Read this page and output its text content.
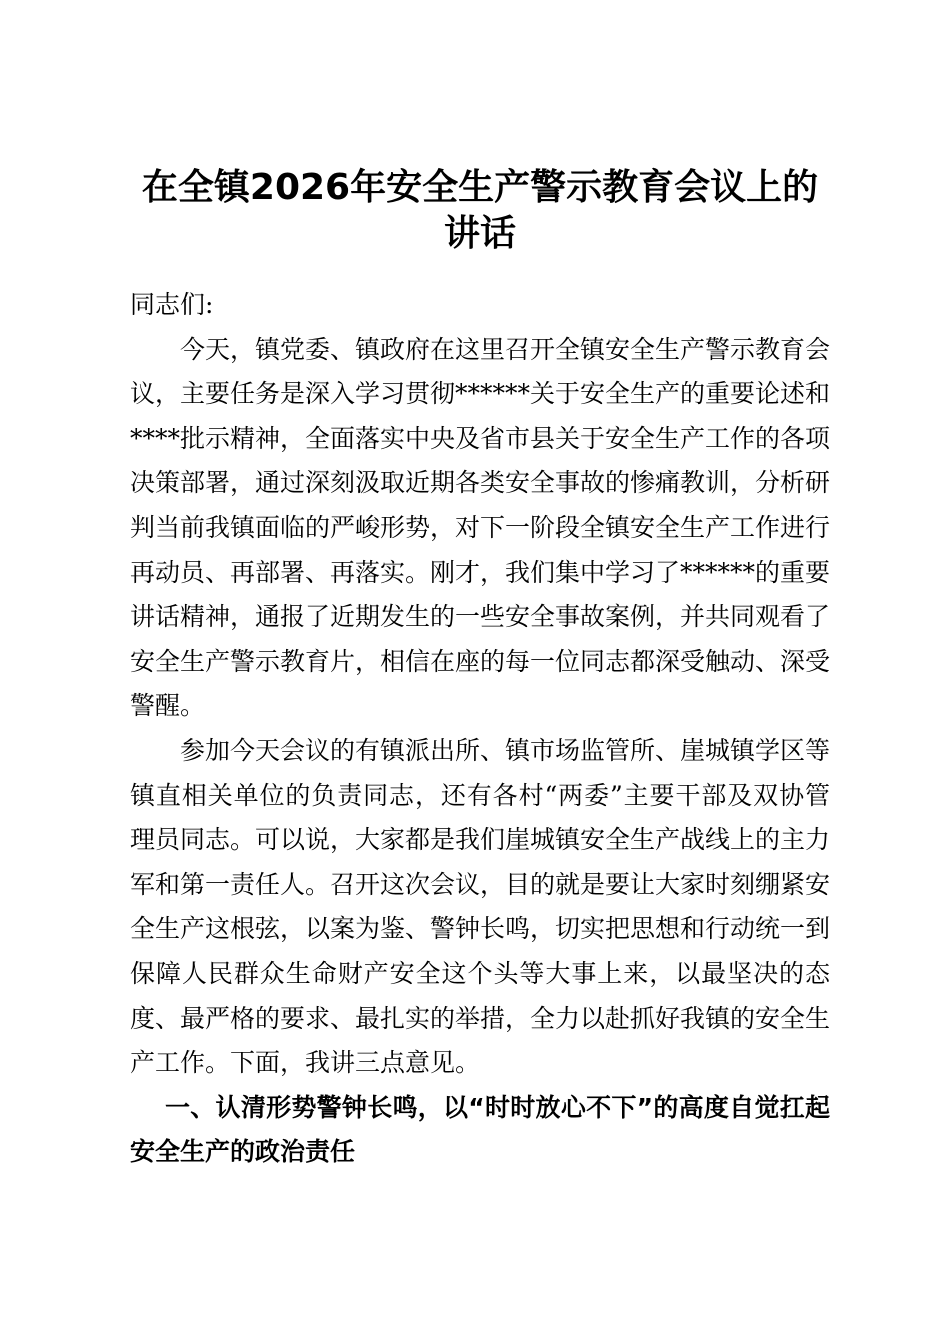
在全镇2026年安全生产警示教育会议上的讲话

同志们:

今天，镇党委、镇政府在这里召开全镇安全生产警示教育会议，主要任务是深入学习贯彻******关于安全生产的重要论述和****批示精神，全面落实中央及省市县关于安全生产工作的各项决策部署，通过深刻汲取近期各类安全事故的惨痛教训，分析研判当前我镇面临的严峻形势，对下一阶段全镇安全生产工作进行再动员、再部署、再落实。刚才，我们集中学习了******的重要讲话精神，通报了近期发生的一些安全事故案例，并共同观看了安全生产警示教育片，相信在座的每一位同志都深受触动、深受警醒。

参加今天会议的有镇派出所、镇市场监管所、崖城镇学区等镇直相关单位的负责同志，还有各村“两委”主要干部及双协管理员同志。可以说，大家都是我们崖城镇安全生产战线上的主力军和第一责任人。召开这次会议，目的就是要让大家时刻绷紧安全生产这根弦，以案为鉴、警钟长鸣，切实把思想和行动统一到保障人民群众生命财产安全这个头等大事上来，以最坚决的态度、最严格的要求、最扎实的举措，全力以赴抓好我镇的安全生产工作。下面，我讲三点意见。

一、认清形势警钟长鸣，以“时时放心不下”的高度自觉扛起安全生产的政治责任
